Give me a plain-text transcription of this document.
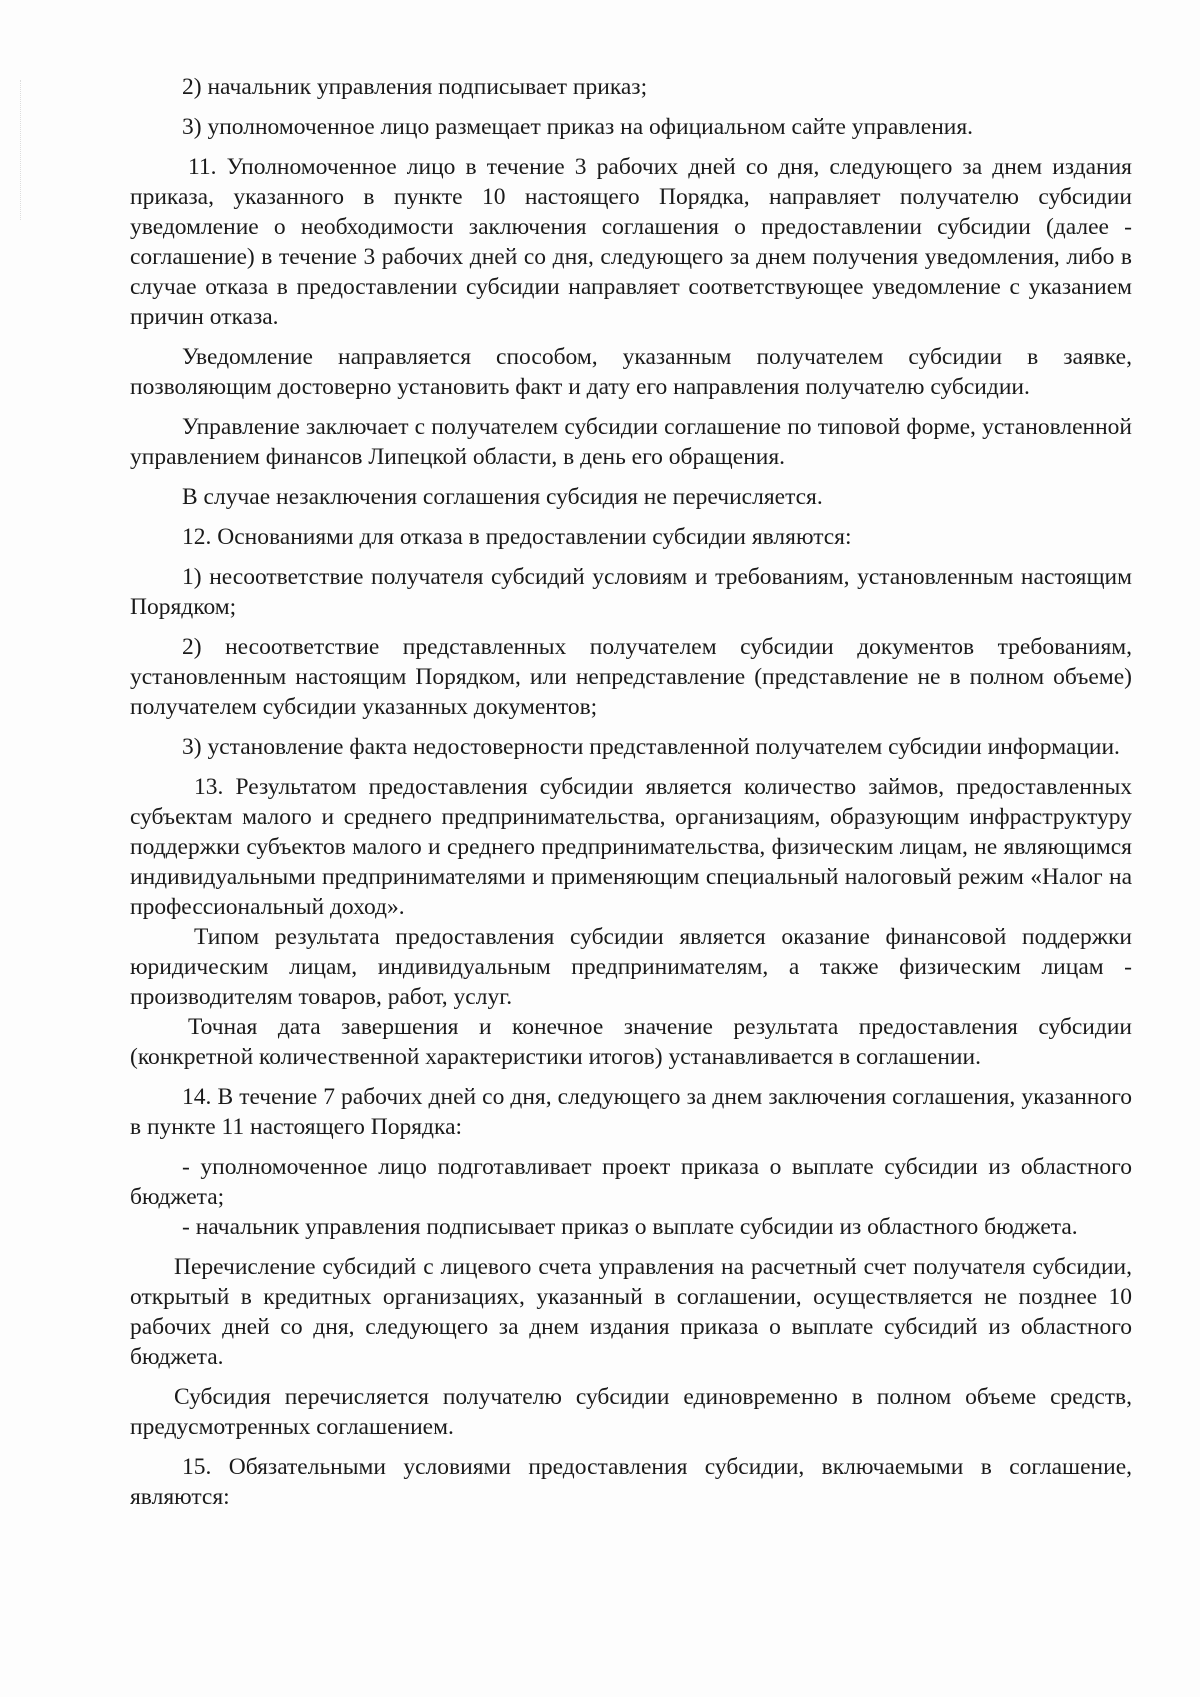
2) начальник управления подписывает приказ;

3) уполномоченное лицо размещает приказ на официальном сайте управления.

11. Уполномоченное лицо в течение 3 рабочих дней со дня, следующего за днем издания приказа, указанного в пункте 10 настоящего Порядка, направляет получателю субсидии уведомление о необходимости заключения соглашения о предоставлении субсидии (далее - соглашение) в течение 3 рабочих дней со дня, следующего за днем получения уведомления, либо в случае отказа в предоставлении субсидии направляет соответствующее уведомление с указанием причин отказа.

Уведомление направляется способом, указанным получателем субсидии в заявке, позволяющим достоверно установить факт и дату его направления получателю субсидии.

Управление заключает с получателем субсидии соглашение по типовой форме, установленной управлением финансов Липецкой области, в день его обращения.

В случае незаключения соглашения субсидия не перечисляется.

12. Основаниями для отказа в предоставлении субсидии являются:

1) несоответствие получателя субсидий условиям и требованиям, установленным настоящим Порядком;

2) несоответствие представленных получателем субсидии документов требованиям, установленным настоящим Порядком, или непредставление (представление не в полном объеме) получателем субсидии указанных документов;

3) установление факта недостоверности представленной получателем субсидии информации.

13. Результатом предоставления субсидии является количество займов, предоставленных субъектам малого и среднего предпринимательства, организациям, образующим инфраструктуру поддержки субъектов малого и среднего предпринимательства, физическим лицам, не являющимся индивидуальными предпринимателями и применяющим специальный налоговый режим «Налог на профессиональный доход».

Типом результата предоставления субсидии является оказание финансовой поддержки юридическим лицам, индивидуальным предпринимателям, а также физическим лицам - производителям товаров, работ, услуг.

Точная дата завершения и конечное значение результата предоставления субсидии (конкретной количественной характеристики итогов) устанавливается в соглашении.

14. В течение 7 рабочих дней со дня, следующего за днем заключения соглашения, указанного в пункте 11 настоящего Порядка:

- уполномоченное лицо подготавливает проект приказа о выплате субсидии из областного бюджета;

- начальник управления подписывает приказ о выплате субсидии из областного бюджета.

Перечисление субсидий с лицевого счета управления на расчетный счет получателя субсидии, открытый в кредитных организациях, указанный в соглашении, осуществляется не позднее 10 рабочих дней со дня, следующего за днем издания приказа о выплате субсидий из областного бюджета.

Субсидия перечисляется получателю субсидии единовременно в полном объеме средств, предусмотренных соглашением.

15. Обязательными условиями предоставления субсидии, включаемыми в соглашение, являются:
